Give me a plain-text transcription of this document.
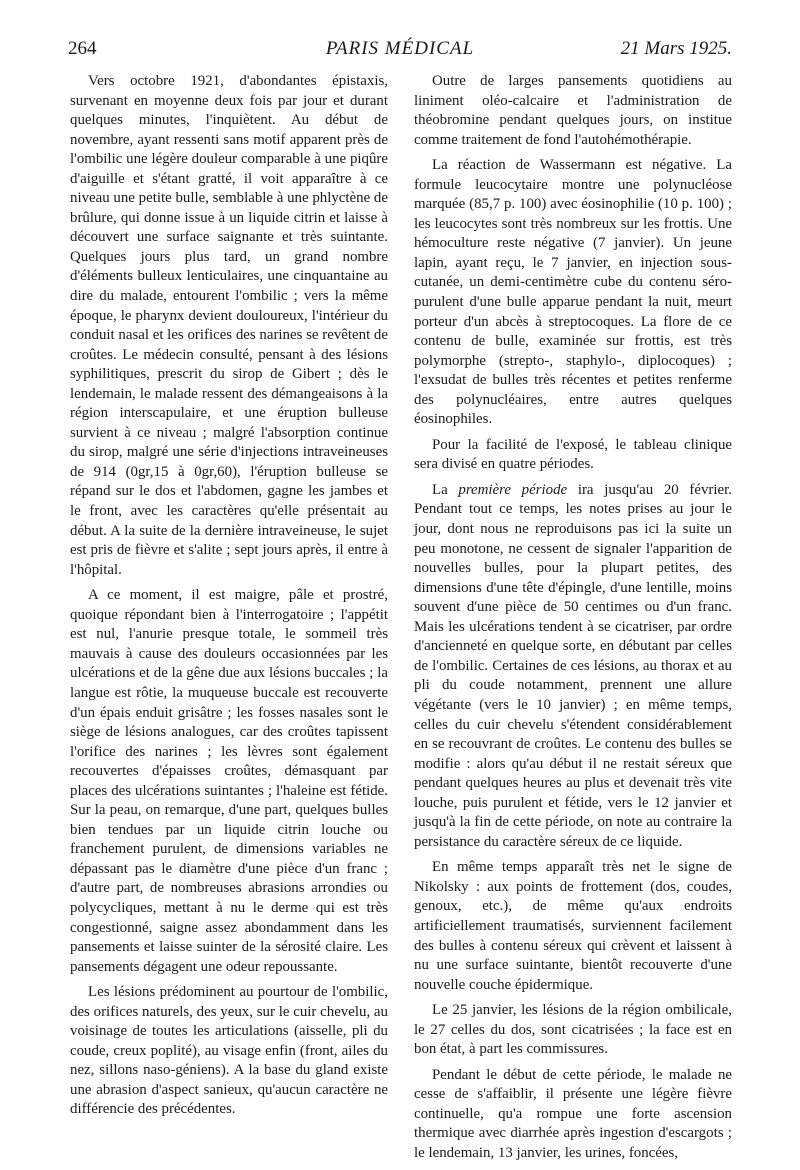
264	PARIS MÉDICAL	21 Mars 1925.

Vers octobre 1921, d'abondantes épistaxis, survenant en moyenne deux fois par jour et durant quelques minutes, l'inquiètent. Au début de novembre, ayant ressenti sans motif apparent près de l'ombilic une légère douleur comparable à une piqûre d'aiguille et s'étant gratté, il voit apparaître à ce niveau une petite bulle, semblable à une phlyctène de brûlure, qui donne issue à un liquide citrin et laisse à découvert une surface saignante et très suintante. Quelques jours plus tard, un grand nombre d'éléments bulleux lenticulaires, une cinquantaine au dire du malade, entourent l'ombilic ; vers la même époque, le pharynx devient douloureux, l'intérieur du conduit nasal et les orifices des narines se revêtent de croûtes. Le médecin consulté, pensant à des lésions syphilitiques, prescrit du sirop de Gibert ; dès le lendemain, le malade ressent des démangeaisons à la région interscapulaire, et une éruption bulleuse survient à ce niveau ; malgré l'absorption continue du sirop, malgré une série d'injections intraveineuses de 914 (0gr,15 à 0gr,60), l'éruption bulleuse se répand sur le dos et l'abdomen, gagne les jambes et le front, avec les caractères qu'elle présentait au début. A la suite de la dernière intraveineuse, le sujet est pris de fièvre et s'alite ; sept jours après, il entre à l'hôpital.

A ce moment, il est maigre, pâle et prostré, quoique répondant bien à l'interrogatoire ; l'appétit est nul, l'anurie presque totale, le sommeil très mauvais à cause des douleurs occasionnées par les ulcérations et de la gêne due aux lésions buccales ; la langue est rôtie, la muqueuse buccale est recouverte d'un épais enduit grisâtre ; les fosses nasales sont le siège de lésions analogues, car des croûtes tapissent l'orifice des narines ; les lèvres sont également recouvertes d'épaisses croûtes, démasquant par places des ulcérations suintantes ; l'haleine est fétide. Sur la peau, on remarque, d'une part, quelques bulles bien tendues par un liquide citrin louche ou franchement purulent, de dimensions variables ne dépassant pas le diamètre d'une pièce d'un franc ; d'autre part, de nombreuses abrasions arrondies ou polycycliques, mettant à nu le derme qui est très congestionné, saigne assez abondamment dans les pansements et laisse suinter de la sérosité claire. Les pansements dégagent une odeur repoussante.

Les lésions prédominent au pourtour de l'ombilic, des orifices naturels, des yeux, sur le cuir chevelu, au voisinage de toutes les articulations (aisselle, pli du coude, creux poplité), au visage enfin (front, ailes du nez, sillons naso-géniens). A la base du gland existe une abrasion d'aspect sanieux, qu'aucun caractère ne différencie des précédentes.

Outre de larges pansements quotidiens au liniment oléo-calcaire et l'administration de théobromine pendant quelques jours, on institue comme traitement de fond l'autohémothérapie.

La réaction de Wassermann est négative. La formule leucocytaire montre une polynucléose marquée (85,7 p. 100) avec éosinophilie (10 p. 100) ; les leucocytes sont très nombreux sur les frottis. Une hémoculture reste négative (7 janvier). Un jeune lapin, ayant reçu, le 7 janvier, en injection sous-cutanée, un demi-centimètre cube du contenu séro-purulent d'une bulle apparue pendant la nuit, meurt porteur d'un abcès à streptocoques. La flore de ce contenu de bulle, examinée sur frottis, est très polymorphe (strepto-, staphylo-, diplocoques) ; l'exsudat de bulles très récentes et petites renferme des polynucléaires, entre autres quelques éosinophiles.

Pour la facilité de l'exposé, le tableau clinique sera divisé en quatre périodes.

La première période ira jusqu'au 20 février. Pendant tout ce temps, les notes prises au jour le jour, dont nous ne reproduisons pas ici la suite un peu monotone, ne cessent de signaler l'apparition de nouvelles bulles, pour la plupart petites, des dimensions d'une tête d'épingle, d'une lentille, moins souvent d'une pièce de 50 centimes ou d'un franc. Mais les ulcérations tendent à se cicatriser, par ordre d'ancienneté en quelque sorte, en débutant par celles de l'ombilic. Certaines de ces lésions, au thorax et au pli du coude notamment, prennent une allure végétante (vers le 10 janvier) ; en même temps, celles du cuir chevelu s'étendent considérablement en se recouvrant de croûtes. Le contenu des bulles se modifie : alors qu'au début il ne restait séreux que pendant quelques heures au plus et devenait très vite louche, puis purulent et fétide, vers le 12 janvier et jusqu'à la fin de cette période, on note au contraire la persistance du caractère séreux de ce liquide.

En même temps apparaît très net le signe de Nikolsky : aux points de frottement (dos, coudes, genoux, etc.), de même qu'aux endroits artificiellement traumatisés, surviennent facilement des bulles à contenu séreux qui crèvent et laissent à nu une surface suintante, bientôt recouverte d'une nouvelle couche épidermique.

Le 25 janvier, les lésions de la région ombilicale, le 27 celles du dos, sont cicatrisées ; la face est en bon état, à part les commissures.

Pendant le début de cette période, le malade ne cesse de s'affaiblir, il présente une légère fièvre continuelle, qu'a rompue une forte ascension thermique avec diarrhée après ingestion d'escargots ; le lendemain, 13 janvier, les urines, foncées,
